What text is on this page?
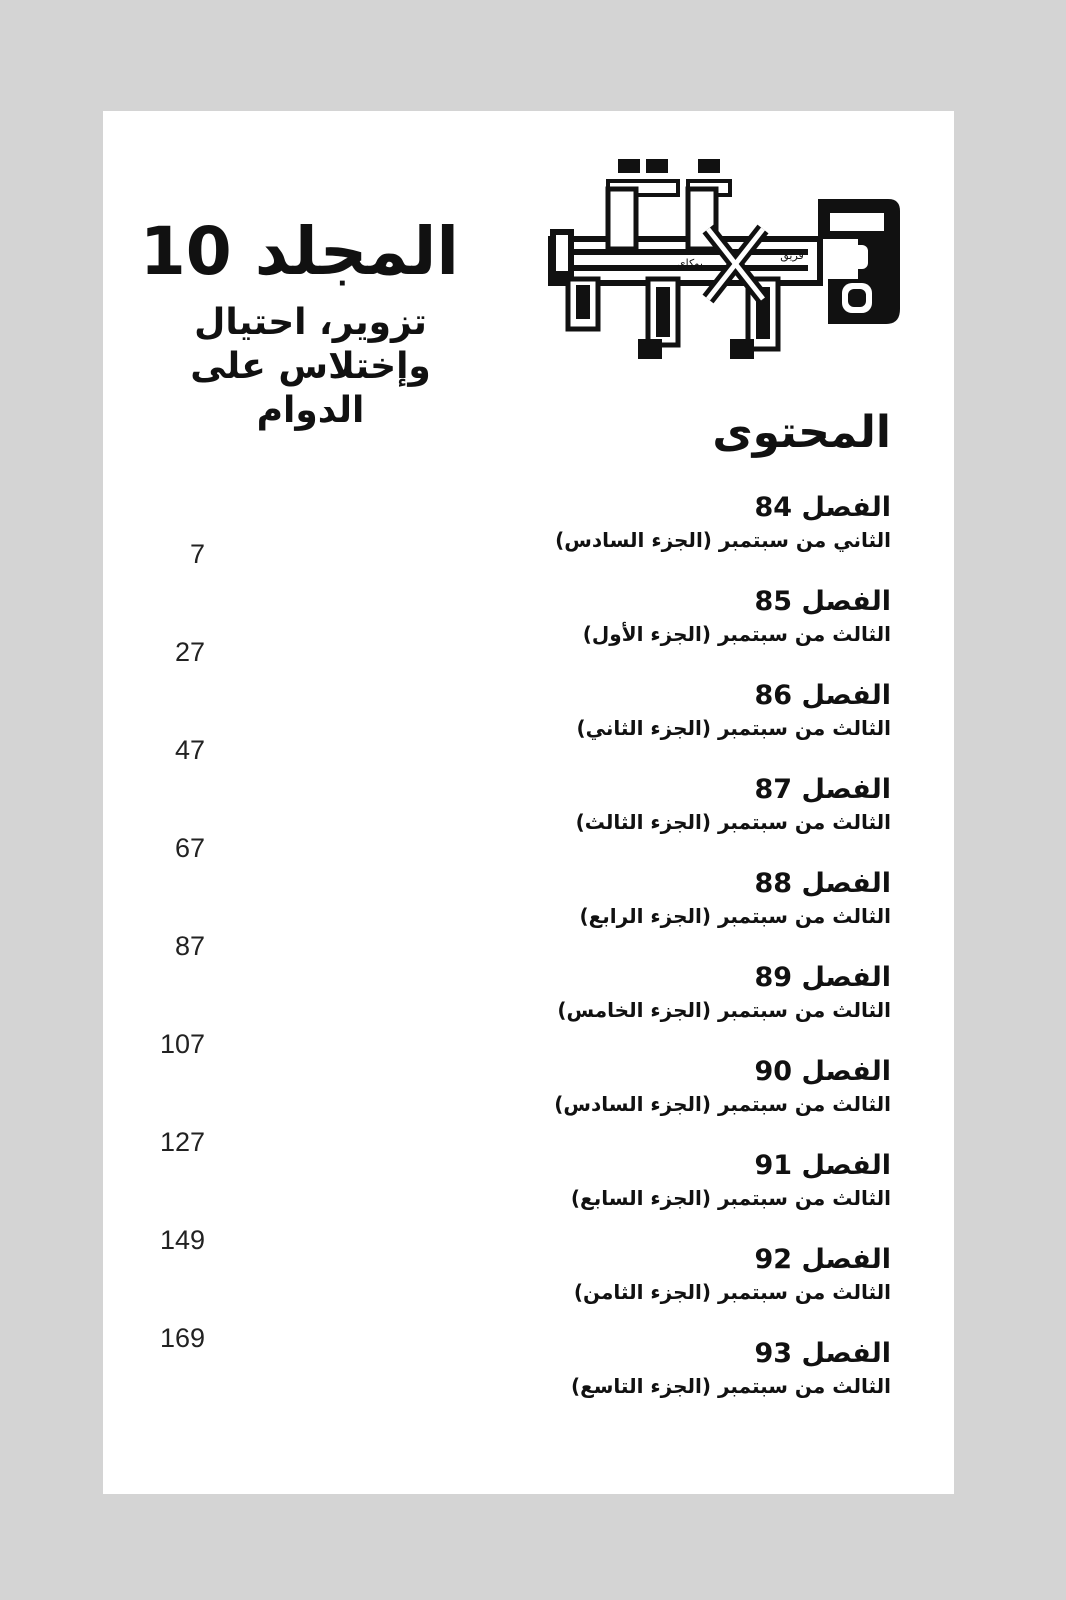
فريق
يوكاي
المجلد 10
تزوير، احتيال
وإختلاس على
الدوام	المحتوى
الفصل 84
الثاني من سبتمبر (الجزء السادس)
7
الفصل 85
الثالث من سبتمبر (الجزء الأول)
27
الفصل 86
الثالث من سبتمبر (الجزء الثاني)
47
الفصل 87
الثالث من سبتمبر (الجزء الثالث)
67
الفصل 88
الثالث من سبتمبر (الجزء الرابع)
87
الفصل 89
الثالث من سبتمبر (الجزء الخامس)
107
الفصل 90
الثالث من سبتمبر (الجزء السادس)
127
الفصل 91
الثالث من سبتمبر (الجزء السابع)
149
الفصل 92
الثالث من سبتمبر (الجزء الثامن)
169	الفصل 93
الثالث من سبتمبر (الجزء التاسع)
